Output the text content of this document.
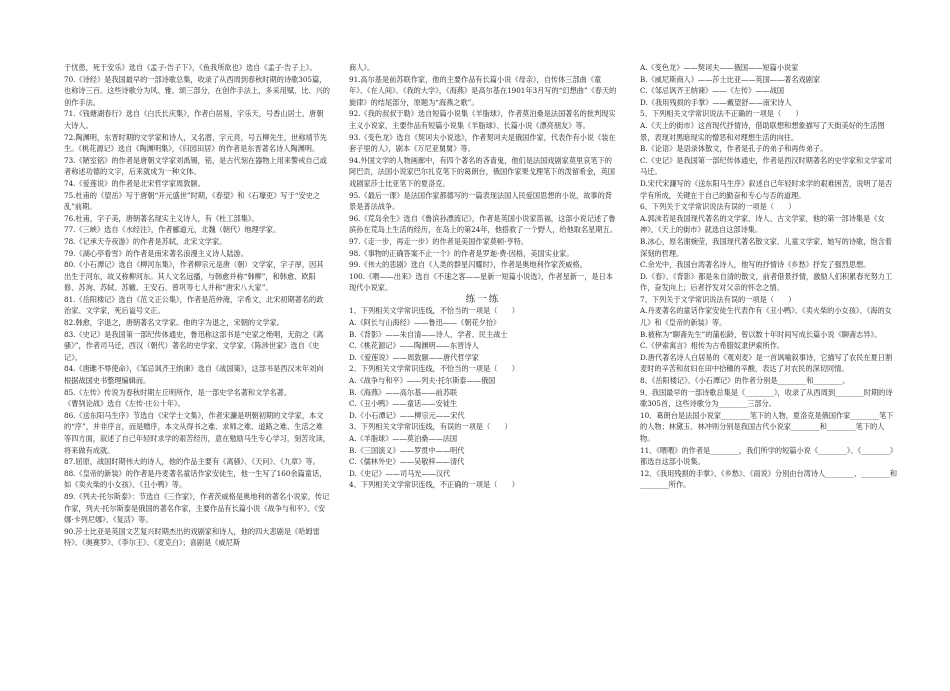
于忧患，死于安乐》选自《孟子·告子下》，《鱼我所欲也》选自《孟子·告子上》。

70.《诗经》是我国最早的一部诗歌总集，收录了从西周到春秋时期的诗歌305篇，也称诗三百。这些诗歌分为风、雅、颂三部分，在创作手法上，多采用赋、比、兴的创作手法。

71.《钱塘湖春行》选自《白氏长庆集》，作者白居易，字乐天，号香山居士，唐朝大诗人。

72.陶渊明，东晋时期的文学家和诗人，又名潜，字元亮，号五柳先生，世称靖节先生。《桃花源记》选自《陶渊明集》，《归园田居》的作者是东晋著名诗人陶渊明。

73.《陋室铭》的作者是唐朝文学家刘禹锡，铭，是古代刻在器物上用来警戒自己或者称述功德的文字，后来就成为一种文体。

74.《爱莲说》的作者是北宋哲学家周敦颐。

75.杜甫的《望岳》写于唐朝“开元盛世”时期，《春望》和《石壕吏》写于“安史之乱”前期。

76.杜甫，字子美，唐朝著名现实主义诗人，有《杜工部集》。

77.《三峡》选自《水经注》，作者郦道元，北魏（朝代）地理学家。

78.《记承天寺夜游》的作者是苏轼，北宋文学家。

79.《湖心亭看雪》的作者是南宋著名浪漫主义诗人陆游。

80.《小石潭记》选自《柳河东集》，作者柳宗元是唐（朝）文学家，字子厚，因其出生于河东，故又称柳河东。其人文名远播，与韩愈并称“韩柳”，和韩愈、欧阳修、苏洵、苏轼、苏辙、王安石、曾巩等七人并称“唐宋八大家”。

81.《岳阳楼记》选自《范文正公集》，作者是范仲淹，字希文，北宋初期著名的政治家、文学家，死后谥号文正。

82.韩愈，字退之，唐朝著名文学家。他的字为退之，宋朝的文学家。

83.《史记》是我国第一部纪传体通史，鲁迅称这部书是“史家之绝唱，无韵之《离骚》”，作者司马迁，西汉（朝代）著名的史学家、文学家，《陈涉世家》选自《史记》。

84.《唐雎不辱使命》，《邹忌讽齐王纳谏》选自《战国策》，这部书是西汉末年刘向根据战国史书整理编辑而。

85.《左传》传说为春秋时期左丘明所作，是一部史学名著和文学名著。

《曹刿论战》选自《左传·庄公十年》。

86.《送东阳马生序》节选自《宋学士文集》，作者宋濂是明朝初期的文学家，本文的“序”，并非序言，而是赠序，本文从得书之难、求师之难、道路之难、生活之难等四方面，叙述了自己年轻时求学的艰苦经历，意在勉励马生专心学习，刻苦攻读，将来做有成就。

87.屈原，战国时期伟大的诗人，他的作品主要有《离骚》、《天问》、《九章》等。

88.《皇帝的新装》的作者是丹麦著名童话作家安徒生，他一生写了160余篇童话，如《卖火柴的小女孩》、《丑小鸭》等。

89.《列夫·托尔斯泰》：节选自《三作家》，作者茨威格是奥地利的著名小说家，传记作家，列夫·托尔斯泰是俄国的著名作家，主要作品有长篇小说《战争与和平》、《安娜·卡列尼娜》、《复活》等。

90.莎士比亚是英国文艺复兴时期杰出的戏剧家和诗人，他的四大悲剧是《哈姆雷特》、《奥赛罗》、《李尔王》、《麦克白》；喜剧是《威尼斯

商人》。

91.高尔基是前苏联作家，他的主要作品有长篇小说《母亲》，自传体三部曲《童年》、《在人间》、《我的大学》，《海燕》是高尔基在1901年3月写的“幻想曲”《春天的旋律》的结尾部分，原题为“海燕之歌”。

92.《我的叔叔于勒》选自短篇小说集《羊脂球》，作者莫泊桑是法国著名的批判现实主义小说家，主要作品有短篇小说集《羊脂球》、长篇小说《漂亮朋友》等。

93.《变色龙》选自《契诃夫小说选》，作者契诃夫是俄国作家，代表作有小说《装在套子里的人》，剧本《万尼亚舅舅》等。

94.外国文学的人物画廊中，有四个著名的吝啬鬼，他们是法国戏剧家莫里哀笔下的阿巴贡，法国小说家巴尔扎克笔下的葛朗台，俄国作家果戈理笔下的泼留希金，英国戏剧家莎士比亚笔下的夏洛克。

95.《最后一课》是法国作家都德写的一篇表现法国人民爱国思想的小说，故事的背景是普法战争。

96.《荒岛余生》选自《鲁滨孙漂流记》，作者是英国小说家笛福，这部小说记述了鲁滨孙在荒岛上生活的经历，在岛上的第24年，他搭救了一个野人，给他取名星期五。

97.《走一步，再走一步》的作者是美国作家莫顿·亨特。

98.《事物的正确答案不止一个》的作者是罗迦·费·因格，美国实业家。

99.《伟大的悲剧》选自《人类的群星闪耀时》，作者是奥地利作家茨威格。

100.《喂——出来》选自《不速之客——星新一短篇小说选》，作者星新一，是日本现代小说家。

练一练

1、下列相关文学常识连线，不恰当的一项是（　　）

A.《阿长与山海经》——鲁迅——《朝花夕拾》

B.《背影》——朱自清——诗人、学者、民主战士

C.《桃花源记》——陶渊明——东晋诗人

D.《爱莲说》——周敦颐——唐代哲学家

2、下列相关文学常识连线，不恰当的一项是（　　）

A.《战争与和平》——列夫·托尔斯泰——俄国

B.《海燕》——高尔基——前苏联

C.《丑小鸭》——童话——安徒生

D.《小石潭记》——柳宗元——宋代

3、下列相关文学常识连线，有误的一项是（　　）

A.《羊脂球》——莫泊桑——法国

B.《三国演义》——罗贯中——明代

C.《儒林外史》——吴敬梓——清代

D.《史记》——司马光——汉代

4、下列相关文学常识连线，不正确的一项是（　　）

A.《变色龙》——契诃夫——俄国——短篇小说家

B.《威尼斯商人》——莎士比亚——英国——著名戏剧家

C.《邹忌讽齐王纳谏》——《左传》——战国

D.《我用残损的手掌》——戴望舒——南宋诗人

5、下列相关文学常识说法不正确的一项是（　　）

A.《天上的街市》这首现代抒情诗，借助联想和想象描写了天街美好的生活图景，表现对黑暗现实的憎恶和对理想生活的向往。

B.《论语》是语录体散文，作者是孔子的弟子和再传弟子。

C.《史记》是我国第一部纪传体通史，作者是西汉时期著名的史学家和文学家司马迁。

D.宋代宋濂写的《送东阳马生序》叙述自己年轻时求学的艰难困苦，说明了是否学有所成，关键在于自己的勤奋和专心与否的道理。

6、下列关于文学常识说法有误的一项是（　　）

A.郭沫若是我国现代著名的文学家、诗人、古文学家，他的第一部诗集是《女神》，《天上的街市》就选自这部诗集。

B.冰心，原名谢婉莹，我国现代著名散文家、儿童文学家，她写的诗歌，饱含着深刻的哲理。

C.余光中，我国台湾著名诗人，他写的抒情诗《乡愁》抒发了强烈思想。

D.《春》、《背影》都是朱自清的散文，前者借景抒情，激励人们积累春光努力工作，奋发向上；后者抒发对父亲的怀念之情。

7、下列关于文学常识说法有误的一项是（　　）

A.丹麦著名的童话作家安徒生代表作有《丑小鸭》、《卖火柴的小女孩》、《海的女儿》和《皇帝的新装》等。

B.被称为“聊斋先生”的蒲松龄，曾以数十年时间写成长篇小说《聊斋志异》。

C.《伊索寓言》相传为古希腊奴隶伊索所作。

D.唐代著名诗人白居易的《观刈麦》是一首讽喻叙事诗，它描写了农民在夏日割麦时的辛苦和贫妇在田中拾穗的辛酸，表达了对农民的深切同情。

8、《岳阳楼记》、《小石潭记》的作者分别是________和________。

9、我国最早的一部诗歌总集是《________》，收录了从西周到________时期的诗歌305首，这些诗歌分为________三部分。

10、葛朗台是法国小说家________笔下的人物，夏洛克是俄国作家________笔下的人物；林黛玉、林冲则分别是我国古代小说家________和________笔下的人物。

11、《喂喂》的作者是________，我们所学的短篇小说《________》、《________》都选自这部小说集。

12、《我用残损的手掌》、《乡愁》、《雨说》分别由台湾诗人________、________和________所作。
